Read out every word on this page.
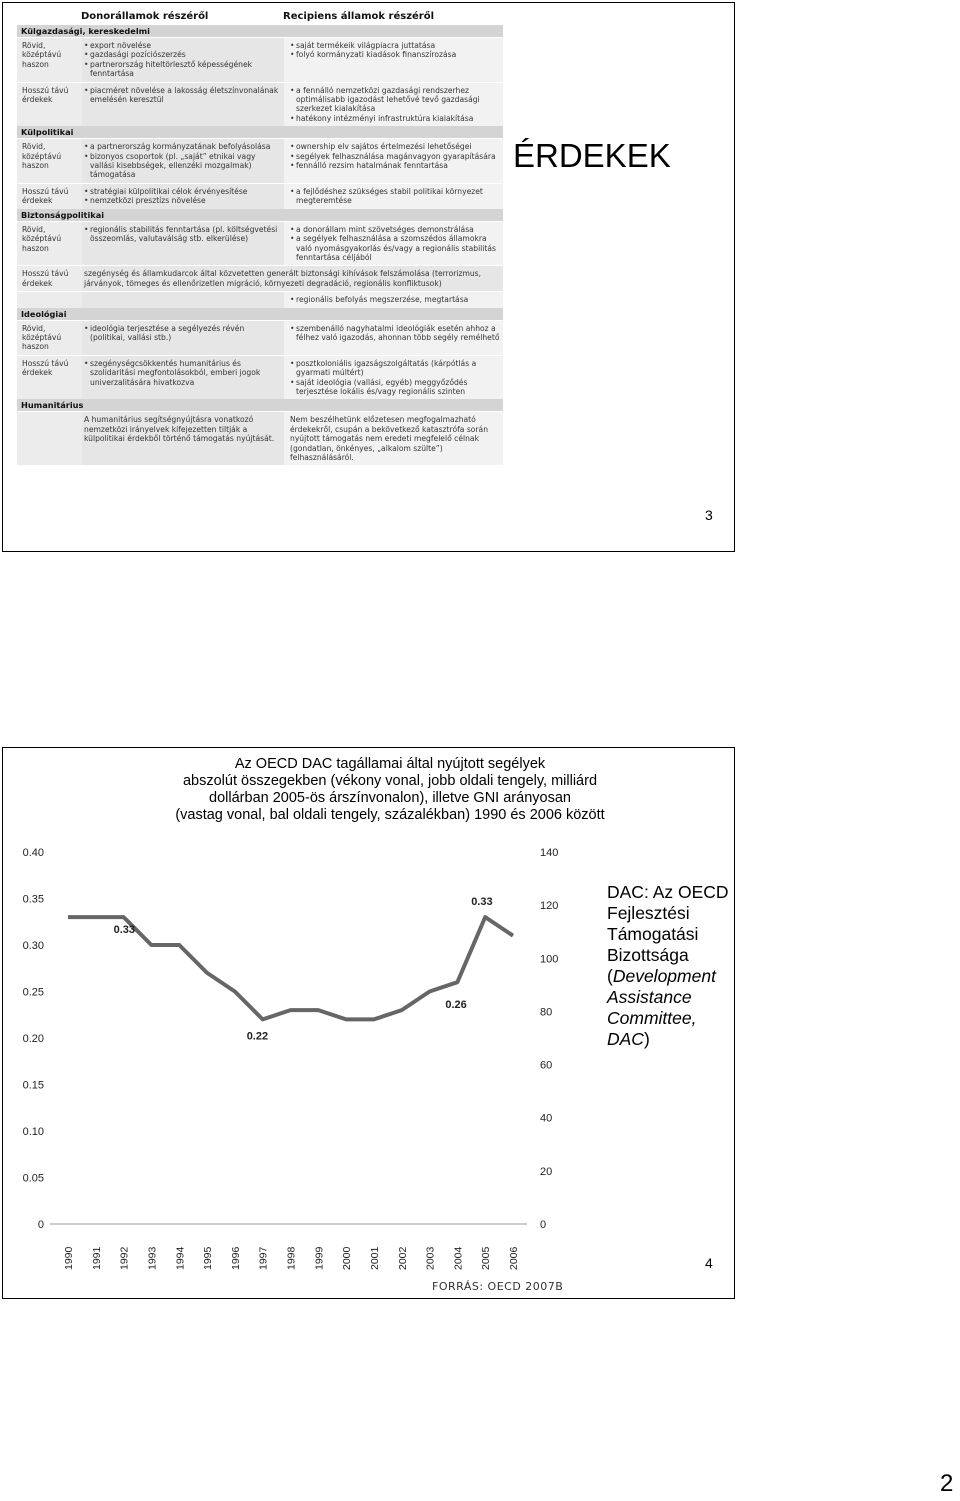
Donorállamok részéről	Recipiens államok részéről
Külgazdasági, kereskedelmi
Rövid, középtávú haszon
• export növelése
• gazdasági pozíciószerzés
• partnerország hiteltörlesztő képességének fenntartása
• saját termékeik világpiacra juttatása
• folyó kormányzati kiadások finanszírozása
Hosszú távú érdekek
• piacméret növelése a lakosság életszínvonalának emelésén keresztül
• a fennálló nemzetközi gazdasági rendszerhez optimálisabb igazodást lehetővé tevő gazdasági szerkezet kialakítása
• hatékony intézményi infrastruktúra kialakítása
Külpolitikai
Rövid, középtávú haszon
• a partnerország kormányzatának befolyásolása
• bizonyos csoportok (pl. „saját” etnikai vagy vallási kisebbségek, ellenzéki mozgalmak) támogatása
• ownership elv sajátos értelmezési lehetőségei
• segélyek felhasználása magánvagyon gyarapítására
• fennálló rezsim hatalmának fenntartása
Hosszú távú érdekek
• stratégiai külpolitikai célok érvényesítése
• nemzetközi presztízs növelése
• a fejlődéshez szükséges stabil politikai környezet megteremtése
Biztonságpolitikai
Rövid, középtávú haszon
• regionális stabilitás fenntartása (pl. költségvetési összeomlás, valutaválság stb. elkerülése)
• a donorállam mint szövetséges demonstrálása
• a segélyek felhasználása a szomszédos államokra való nyomásgyakorlás és/vagy a regionális stabilitás fenntartása céljából
Hosszú távú érdekek

szegénység és államkudarcok által közvetetten generált biztonsági kihívások felszámolása (terrorizmus, járványok, tömeges és ellenőrizetlen migráció, környezeti degradáció, regionális konfliktusok)

• regionális befolyás megszerzése, megtartása
Ideológiai
Rövid, középtávú haszon
• ideológia terjesztése a segélyezés révén (politikai, vallási stb.)
• szembenálló nagyhatalmi ideológiák esetén ahhoz a félhez való igazodás, ahonnan több segély remélhető
Hosszú távú érdekek
• szegénységcsökkentés humanitárius és szolidaritási megfontolásokból, emberi jogok univerzalitására hivatkozva
• posztkoloniális igazságszolgáltatás (kárpótlás a gyarmati múltért)
• saját ideológia (vallási, egyéb) meggyőződés terjesztése lokális és/vagy regionális szinten
Humanitárius

A humanitárius segítségnyújtásra vonatkozó nemzetközi irányelvek kifejezetten tiltják a külpolitikai érdekből történő támogatás nyújtását.

Nem beszélhetünk előzetesen megfogalmazható érdekekről, csupán a bekövetkező katasztrófa során nyújtott támogatás nem eredeti megfelelő célnak (gondatlan, önkényes, „alkalom szülte”) felhasználásáról.

ÉRDEKEK
3
Az OECD DAC tagállamai által nyújtott segélyek
abszolút összegekben (vékony vonal, jobb oldali tengely, milliárd
dollárban 2005-ös árszínvonalon), illetve GNI arányosan
(vastag vonal, bal oldali tengely, százalékban) 1990 és 2006 között
0
0.05
0.10
0.15
0.20
0.25
0.30
0.35
0.40
0
20
40
60
80
100
120
140
1990 1991 1992 1993 1994 1995 1996 1997 1998 1999 2000 2001 2002 2003 2004 2005 2006
0.33
0.22
0.26
0.33
FORRÁS: OECD 2007B
DAC: Az OECD Fejlesztési Támogatási Bizottsága (Development Assistance Committee, DAC)
4
2
